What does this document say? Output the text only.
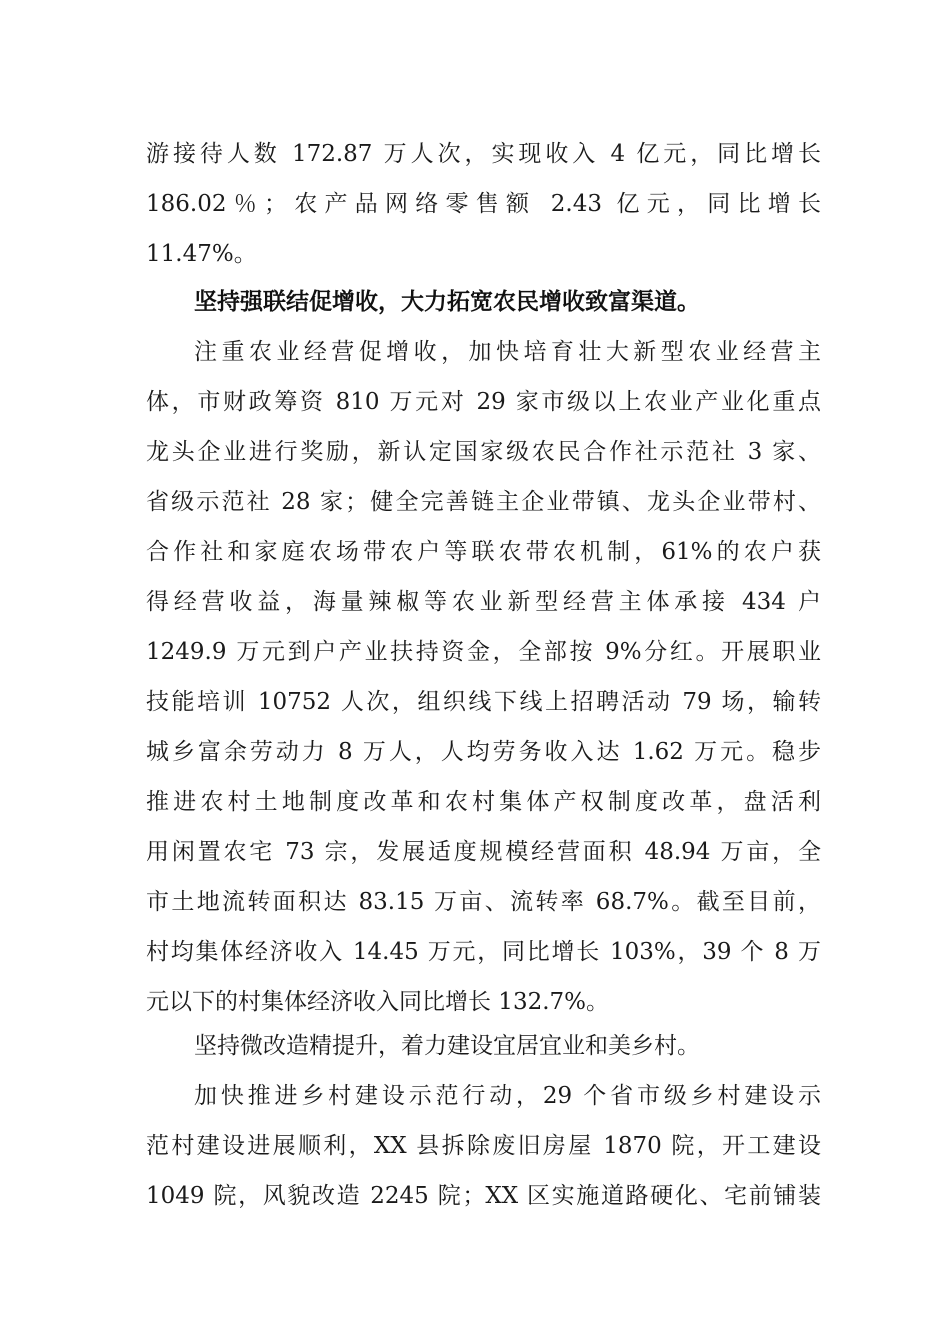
游接待人数 172.87 万人次，实现收入 4 亿元，同比增长
186.02％；农产品网络零售额 2.43 亿元，同比增长
11.47%。
坚持强联结促增收，大力拓宽农民增收致富渠道。
注重农业经营促增收，加快培育壮大新型农业经营主
体，市财政筹资 810 万元对 29 家市级以上农业产业化重点
龙头企业进行奖励，新认定国家级农民合作社示范社 3 家、
省级示范社 28 家；健全完善链主企业带镇、龙头企业带村、
合作社和家庭农场带农户等联农带农机制，61%的农户获
得经营收益，海量辣椒等农业新型经营主体承接 434 户
1249.9 万元到户产业扶持资金，全部按 9%分红。开展职业
技能培训 10752 人次，组织线下线上招聘活动 79 场，输转
城乡富余劳动力 8 万人，人均劳务收入达 1.62 万元。稳步
推进农村土地制度改革和农村集体产权制度改革，盘活利
用闲置农宅 73 宗，发展适度规模经营面积 48.94 万亩，全
市土地流转面积达 83.15 万亩、流转率 68.7%。截至目前，
村均集体经济收入 14.45 万元，同比增长 103%，39 个 8 万
元以下的村集体经济收入同比增长 132.7%。
坚持微改造精提升，着力建设宜居宜业和美乡村。
加快推进乡村建设示范行动，29 个省市级乡村建设示
范村建设进展顺利，XX 县拆除废旧房屋 1870 院，开工建设
1049 院，风貌改造 2245 院；XX 区实施道路硬化、宅前铺装
